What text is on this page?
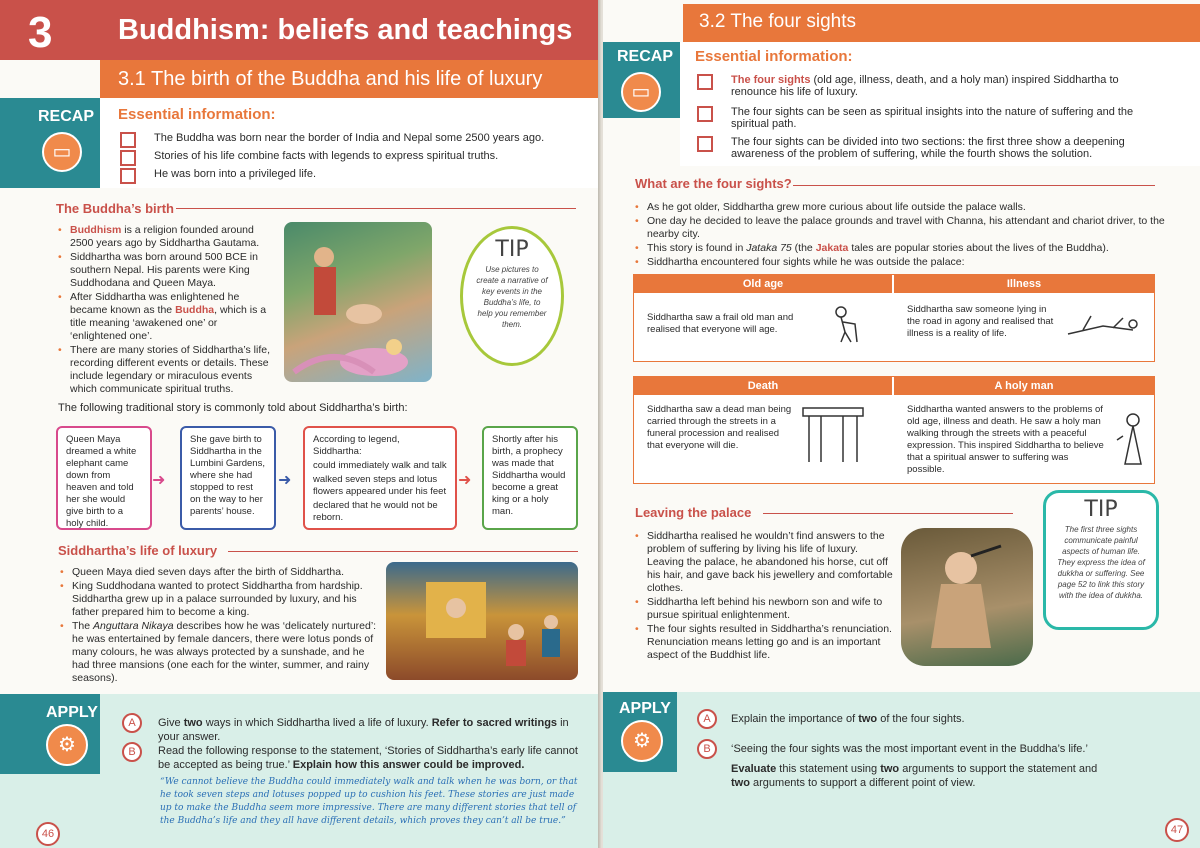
3 Buddhism: beliefs and teachings
3.1 The birth of the Buddha and his life of luxury
RECAP
▭
Essential information:
The Buddha was born near the border of India and Nepal some 2500 years ago.
Stories of his life combine facts with legends to express spiritual truths.
He was born into a privileged life.
The Buddha’s birth
• Buddhism is a religion founded around 2500 years ago by Siddhartha Gautama.
• Siddhartha was born around 500 BCE in southern Nepal. His parents were King Suddhodana and Queen Maya.
• After Siddhartha was enlightened he became known as the Buddha, which is a title meaning ‘awakened one’ or ‘enlightened one’.
• There are many stories of Siddhartha’s life, recording different events or details. These include legendary or miraculous events which communicate spiritual truths.
TIP
Use pictures to create a narrative of key events in the Buddha’s life, to help you remember them.
The following traditional story is commonly told about Siddhartha’s birth:
Queen Maya dreamed a white elephant came down from heaven and told her she would give birth to a holy child.
➜
She gave birth to Siddhartha in the Lumbini Gardens, where she had stopped to rest on the way to her parents’ house.
➜
According to legend, Siddhartha:
could immediately walk and talk
walked seven steps and lotus flowers appeared under his feet
declared that he would not be reborn.
➜
Shortly after his birth, a prophecy was made that Siddhartha would become a great king or a holy man.
Siddhartha’s life of luxury
• Queen Maya died seven days after the birth of Siddhartha.
• King Suddhodana wanted to protect Siddhartha from hardship. Siddhartha grew up in a palace surrounded by luxury, and his father prepared him to become a king.
• The Anguttara Nikaya describes how he was ‘delicately nurtured’: he was entertained by female dancers, there were lotus ponds of many colours, he was always protected by a sunshade, and he had three mansions (one each for the winter, summer, and rainy seasons).
APPLY
⚙
A	Give two ways in which Siddhartha lived a life of luxury. Refer to sacred writings in your answer.
B	Read the following response to the statement, ‘Stories of Siddhartha’s early life cannot be accepted as being true.’ Explain how this answer could be improved.
“We cannot believe the Buddha could immediately walk and talk when he was born, or that he took seven steps and lotuses popped up to cushion his feet. These stories are just made up to make the Buddha seem more impressive. There are many different stories that tell of the Buddha’s life and they all have different details, which proves they can’t all be true.”
46
3.2 The four sights
RECAP
▭
Essential information:
The four sights (old age, illness, death, and a holy man) inspired Siddhartha to renounce his life of luxury.
The four sights can be seen as spiritual insights into the nature of suffering and the spiritual path.
The four sights can be divided into two sections: the first three show a deepening awareness of the problem of suffering, while the fourth shows the solution.
What are the four sights?
• As he got older, Siddhartha grew more curious about life outside the palace walls.
• One day he decided to leave the palace grounds and travel with Channa, his attendant and chariot driver, to the nearby city.
• This story is found in Jataka 75 (the Jakata tales are popular stories about the lives of the Buddha).
• Siddhartha encountered four sights while he was outside the palace:
Old age	Illness
Siddhartha saw a frail old man and realised that everyone will age.
Siddhartha saw someone lying in the road in agony and realised that illness is a reality of life.
Death	A holy man
Siddhartha saw a dead man being carried through the streets in a funeral procession and realised that everyone will die.
Siddhartha wanted answers to the problems of old age, illness and death. He saw a holy man walking through the streets with a peaceful expression. This inspired Siddhartha to believe that a spiritual answer to suffering was possible.
Leaving the palace
• Siddhartha realised he wouldn’t find answers to the problem of suffering by living his life of luxury. Leaving the palace, he abandoned his horse, cut off his hair, and gave back his jewellery and comfortable clothes.
• Siddhartha left behind his newborn son and wife to pursue spiritual enlightenment.
• The four sights resulted in Siddhartha’s renunciation. Renunciation means letting go and is an important aspect of the Buddhist life.
TIP
The first three sights communicate painful aspects of human life. They express the idea of dukkha or suffering. See page 52 to link this story with the idea of dukkha.
APPLY
⚙
A	Explain the importance of two of the four sights.
B	‘Seeing the four sights was the most important event in the Buddha’s life.’
Evaluate this statement using two arguments to support the statement and
two arguments to support a different point of view.
47
